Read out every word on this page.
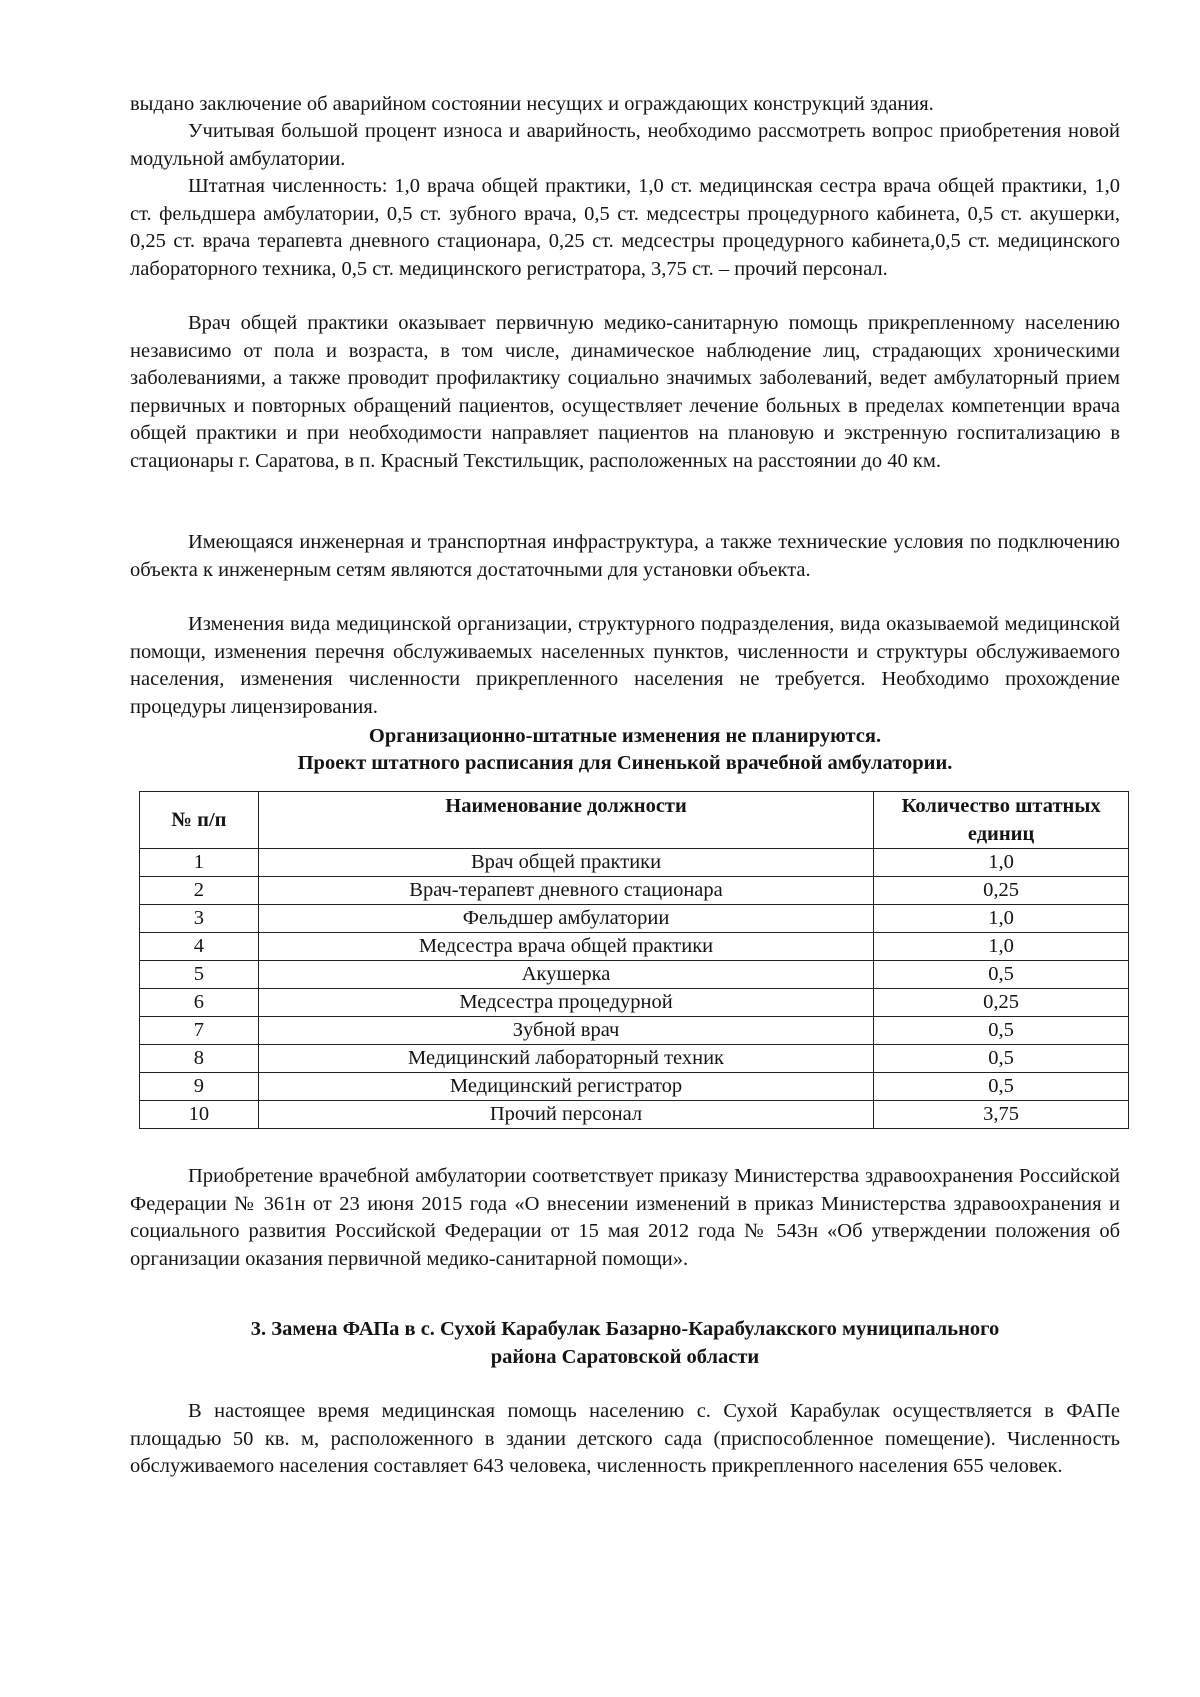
выдано заключение об аварийном состоянии несущих и ограждающих конструкций здания.

Учитывая большой процент износа и аварийность, необходимо рассмотреть вопрос приобретения новой модульной амбулатории.

Штатная численность: 1,0 врача общей практики, 1,0 ст. медицинская сестра врача общей практики, 1,0 ст. фельдшера амбулатории, 0,5 ст. зубного врача, 0,5 ст. медсестры процедурного кабинета, 0,5 ст. акушерки, 0,25 ст. врача терапевта дневного стационара, 0,25 ст. медсестры процедурного кабинета,0,5 ст. медицинского лабораторного техника, 0,5 ст. медицинского регистратора, 3,75 ст. – прочий персонал.

Врач общей практики оказывает первичную медико-санитарную помощь прикрепленному населению независимо от пола и возраста, в том числе, динамическое наблюдение лиц, страдающих хроническими заболеваниями, а также проводит профилактику социально значимых заболеваний, ведет амбулаторный прием первичных и повторных обращений пациентов, осуществляет лечение больных в пределах компетенции врача общей практики и при необходимости направляет пациентов на плановую и экстренную госпитализацию в стационары г. Саратова, в п. Красный Текстильщик, расположенных на расстоянии до 40 км.

Имеющаяся инженерная и транспортная инфраструктура, а также технические условия по подключению объекта к инженерным сетям являются достаточными для установки объекта.

Изменения вида медицинской организации, структурного подразделения, вида оказываемой медицинской помощи, изменения перечня обслуживаемых населенных пунктов, численности и структуры обслуживаемого населения, изменения численности прикрепленного населения не требуется. Необходимо прохождение процедуры лицензирования.

Организационно-штатные изменения не планируются.

Проект штатного расписания для Синенькой врачебной амбулатории.

№ п/п	Наименование должности	Количество штатных единиц
1	Врач общей практики	1,0
2	Врач-терапевт дневного стационара	0,25
3	Фельдшер амбулатории	1,0
4	Медсестра врача общей практики	1,0
5	Акушерка	0,5
6	Медсестра процедурной	0,25
7	Зубной врач	0,5
8	Медицинский лабораторный техник	0,5
9	Медицинский регистратор	0,5
10	Прочий персонал	3,75

Приобретение врачебной амбулатории соответствует приказу Министерства здравоохранения Российской Федерации № 361н от 23 июня 2015 года «О внесении изменений в приказ Министерства здравоохранения и социального развития Российской Федерации от 15 мая 2012 года № 543н «Об утверждении положения об организации оказания первичной медико-санитарной помощи».

3. Замена ФАПа в с. Сухой Карабулак Базарно-Карабулакского муниципального

района Саратовской области

В настоящее время медицинская помощь населению с. Сухой Карабулак осуществляется в ФАПе площадью 50 кв. м, расположенного в здании детского сада (приспособленное помещение). Численность обслуживаемого населения составляет 643 человека, численность прикрепленного населения 655 человек.
